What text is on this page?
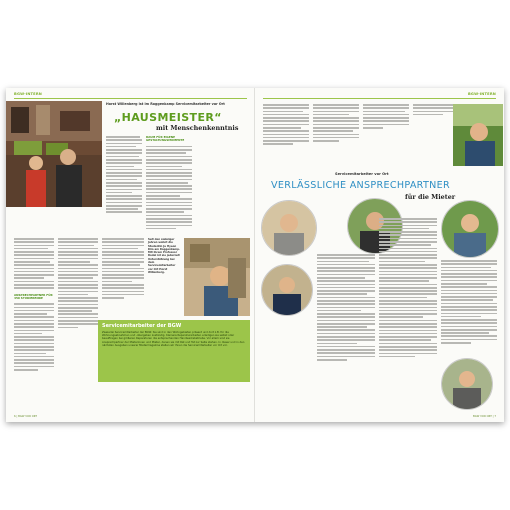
BGW-INTERN
Horst Willenberg ist im Roggenkamp Servicemitarbeiter vor Ort
„HAUSMEISTER“
mit Menschenkenntnis
RAUM FÜR EIGENE GESTALTUNGSMOMENTE
ANSPRECHPARTNER FÜR 450 STUDIERENDE
Seit den siebziger Jahren wohnt die Studentin Ju Hyeon Kim am Roggenkamp. Mit ihrem Professor Rodel ist sie jederzeit Unterstützung bei dem Servicemitarbeiter vor Ort Horst Willenberg.
Servicemitarbeiter der BGW
Zweierlei Servicemitarbeiter der BGW: Sie sind in den Wohngebieten präsent und dort z.B. für die Wohnungsabnahmen und -übergaben zuständig. Kleinere Reparaturarbeiten erledigen sie selbst oder beauftragen bei größeren Reparaturen die entsprechenden Handwerksbetriebe. Vor allem sind sie Ansprechpartner der Mieterinnen und Mieter, denen sie mit Rat und Tat zur Seite stehen. In dieser und in den nächsten Ausgaben unserer Mietermagazine stellen wir Ihnen die Servicemitarbeiter vor Ort vor.
6 | BGW VOR ORT
BGW-INTERN
Servicemitarbeiter vor Ort
VERLÄSSLICHE ANSPRECHPARTNER
für die Mieter
BGW VOR ORT | 7
